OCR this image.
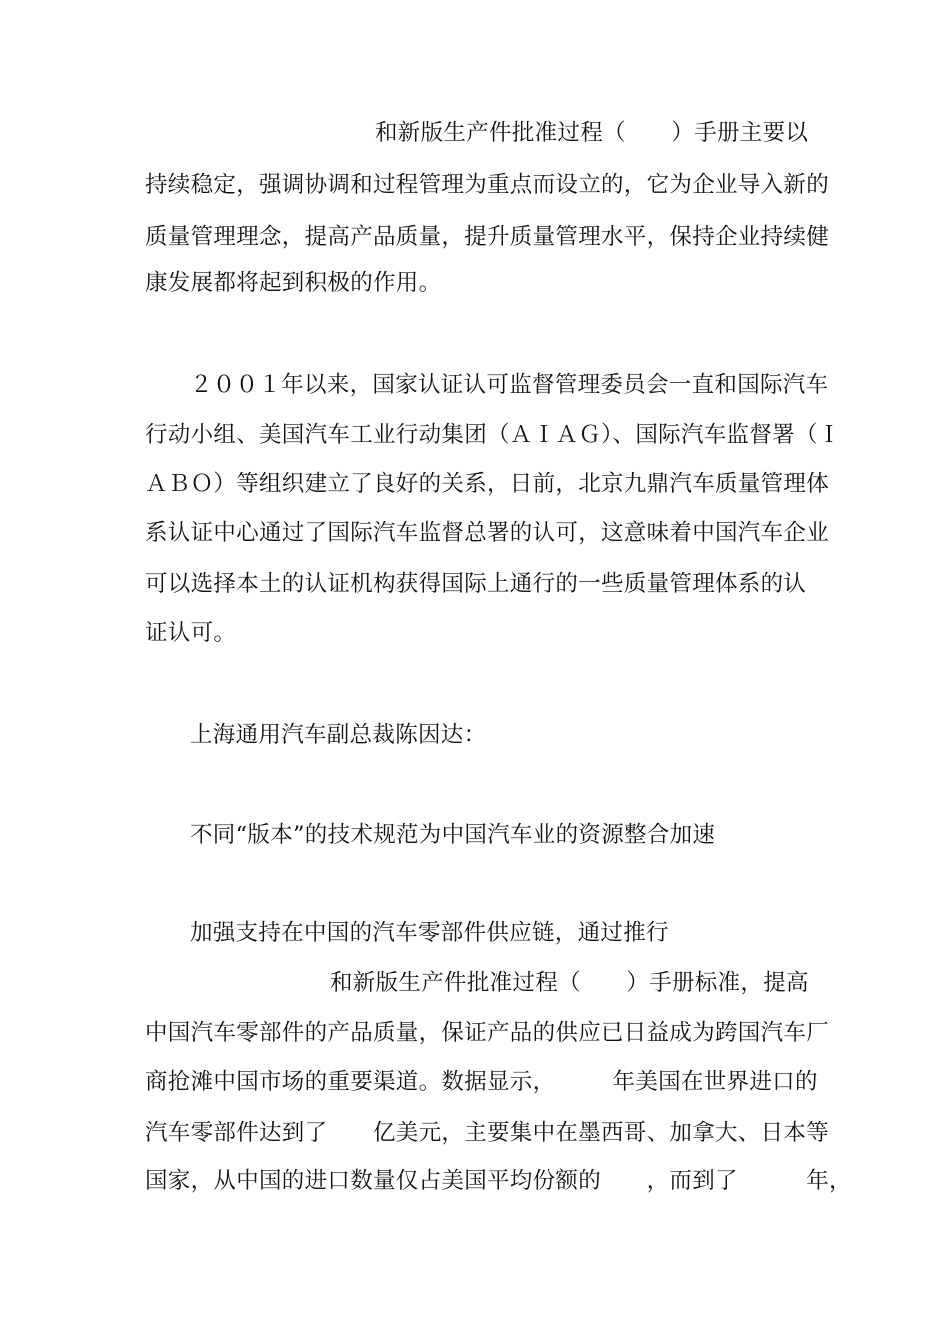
和新版生产件批准过程（　　）手册主要以
持续稳定，强调协调和过程管理为重点而设立的，它为企业导入新的
质量管理理念，提高产品质量，提升质量管理水平，保持企业持续健
康发展都将起到积极的作用。
２００１年以来，国家认证认可监督管理委员会一直和国际汽车
行动小组、美国汽车工业行动集团（ＡＩＡＧ）、国际汽车监督署（Ｉ
ＡＢＯ）等组织建立了良好的关系，日前，北京九鼎汽车质量管理体
系认证中心通过了国际汽车监督总署的认可，这意味着中国汽车企业
可以选择本土的认证机构获得国际上通行的一些质量管理体系的认
证认可。
上海通用汽车副总裁陈因达：
不同“版本”的技术规范为中国汽车业的资源整合加速
加强支持在中国的汽车零部件供应链，通过推行
和新版生产件批准过程（　　）手册标准，提高
中国汽车零部件的产品质量，保证产品的供应已日益成为跨国汽车厂
商抢滩中国市场的重要渠道。数据显示，　　　年美国在世界进口的
汽车零部件达到了　　亿美元，主要集中在墨西哥、加拿大、日本等
国家，从中国的进口数量仅占美国平均份额的　　，而到了　　　年，
